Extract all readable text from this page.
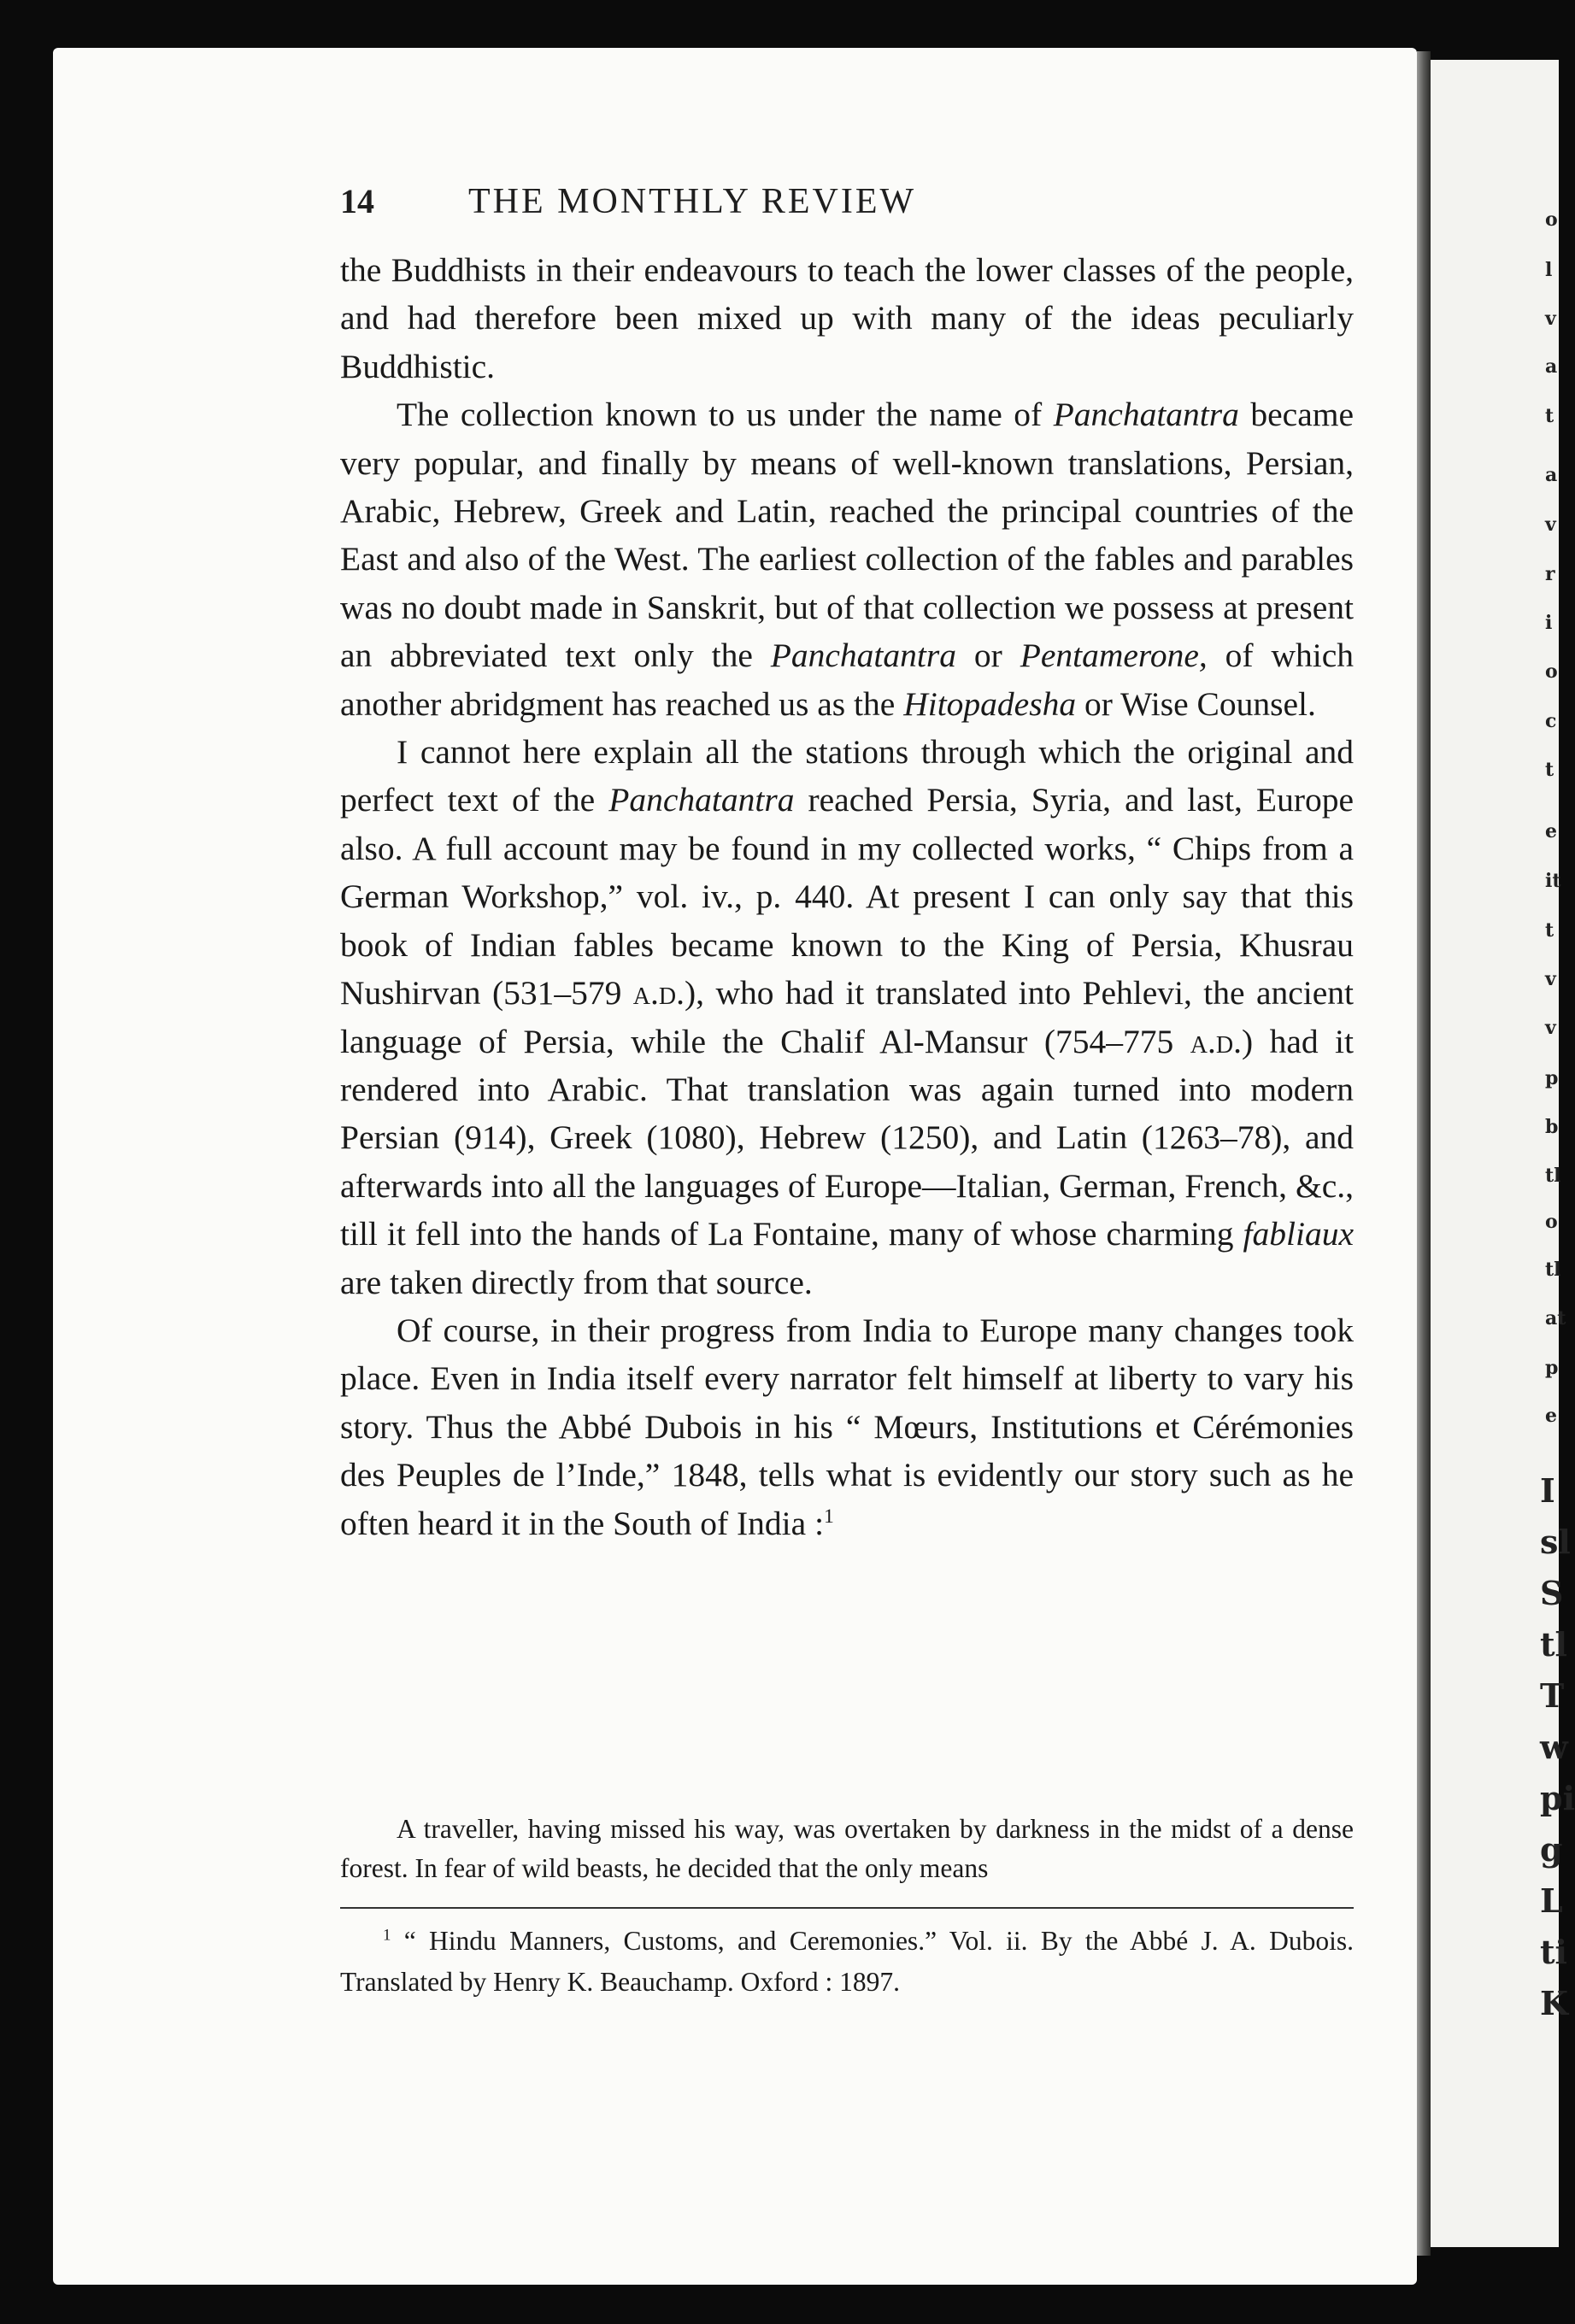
o
l
v
a
t
a
v
r
i
o
c
t
e
it
t
v
v
p
b
tl
o
tl
at
p
e
I
sl
S
tl
T
w
pi
g
L
ti
K
14	THE MONTHLY REVIEW

the Buddhists in their endeavours to teach the lower classes of the people, and had therefore been mixed up with many of the ideas peculiarly Buddhistic.

The collection known to us under the name of Panchatantra became very popular, and finally by means of well-known translations, Persian, Arabic, Hebrew, Greek and Latin, reached the principal countries of the East and also of the West. The earliest collection of the fables and parables was no doubt made in Sanskrit, but of that collection we possess at present an abbreviated text only the Panchatantra or Pentamerone, of which another abridgment has reached us as the Hitopadesha or Wise Counsel.

I cannot here explain all the stations through which the original and perfect text of the Panchatantra reached Persia, Syria, and last, Europe also. A full account may be found in my collected works, “ Chips from a German Workshop,” vol. iv., p. 440. At present I can only say that this book of Indian fables became known to the King of Persia, Khusrau Nushirvan (531–579 a.d.), who had it translated into Pehlevi, the ancient language of Persia, while the Chalif Al-Mansur (754–775 a.d.) had it rendered into Arabic. That translation was again turned into modern Persian (914), Greek (1080), Hebrew (1250), and Latin (1263–78), and afterwards into all the languages of Europe—Italian, German, French, &c., till it fell into the hands of La Fontaine, many of whose charming fabliaux are taken directly from that source.

Of course, in their progress from India to Europe many changes took place. Even in India itself every narrator felt himself at liberty to vary his story. Thus the Abbé Dubois in his “ Mœurs, Institutions et Cérémonies des Peuples de l’Inde,” 1848, tells what is evidently our story such as he often heard it in the South of India :$^1$

A traveller, having missed his way, was overtaken by darkness in the midst of a dense forest. In fear of wild beasts, he decided that the only means

$^1$ “ Hindu Manners, Customs, and Ceremonies.” Vol. ii. By the Abbé J. A. Dubois. Translated by Henry K. Beauchamp. Oxford : 1897.
